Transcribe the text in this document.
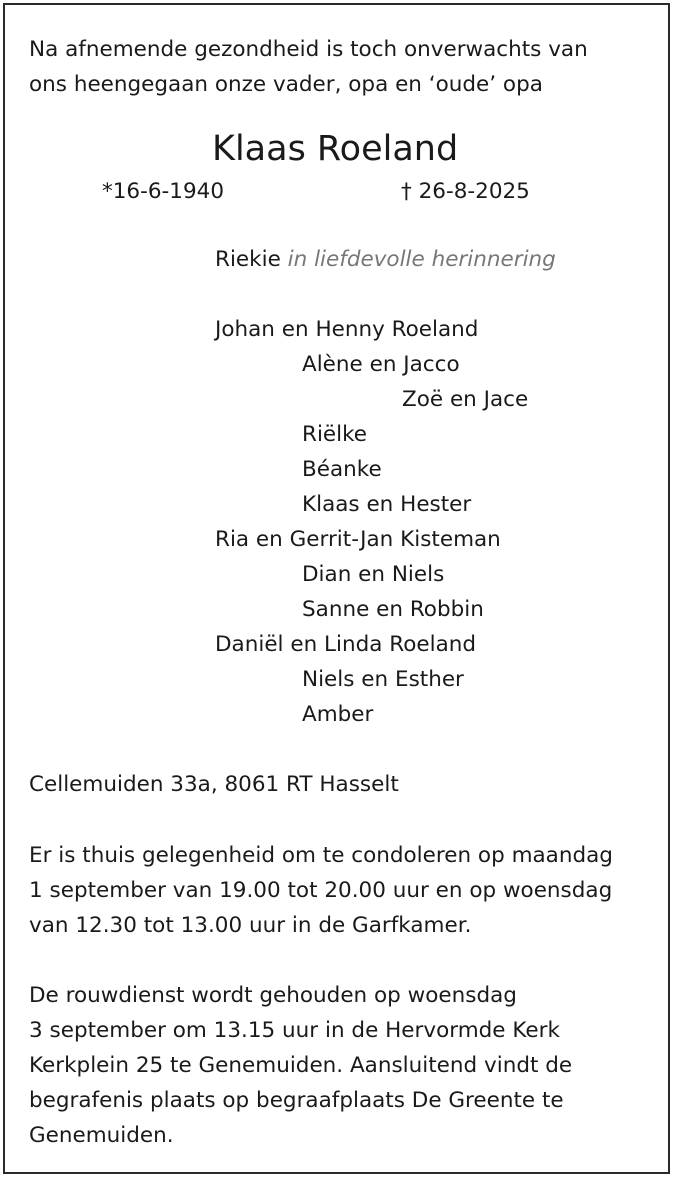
Na afnemende gezondheid is toch onverwachts van
ons heengegaan onze vader, opa en ‘oude’ opa
Klaas Roeland
*16-6-1940	† 26-8-2025
Riekie in liefdevolle herinnering
Johan en Henny Roeland
Alène en Jacco
Zoë en Jace
Riëlke
Béanke
Klaas en Hester
Ria en Gerrit-Jan Kisteman
Dian en Niels
Sanne en Robbin
Daniël en Linda Roeland
Niels en Esther
Amber
Cellemuiden 33a, 8061 RT Hasselt
Er is thuis gelegenheid om te condoleren op maandag
1 september van 19.00 tot 20.00 uur en op woensdag
van 12.30 tot 13.00 uur in de Garfkamer.
De rouwdienst wordt gehouden op woensdag
3 september om 13.15 uur in de Hervormde Kerk
Kerkplein 25 te Genemuiden. Aansluitend vindt de
begrafenis plaats op begraafplaats De Greente te
Genemuiden.
